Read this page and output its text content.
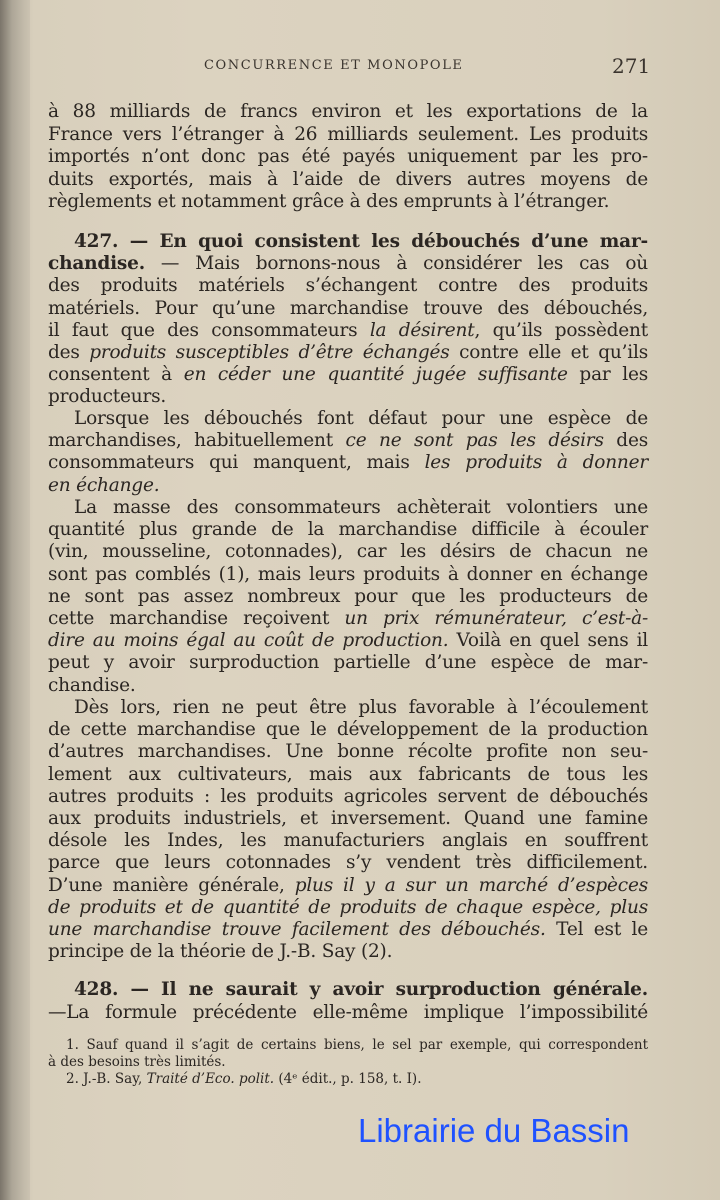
CONCURRENCE ET MONOPOLE	271
à 88 milliards de francs environ et les exportations de la
France vers l’étranger à 26 milliards seulement. Les produits
importés n’ont donc pas été payés uniquement par les pro-
duits exportés, mais à l’aide de divers autres moyens de
règlements et notamment grâce à des emprunts à l’étranger.
427. — En quoi consistent les débouchés d’une mar-
chandise. — Mais bornons-nous à considérer les cas où
des produits matériels s’échangent contre des produits
matériels. Pour qu’une marchandise trouve des débouchés,
il faut que des consommateurs la désirent, qu’ils possèdent
des produits susceptibles d’être échangés contre elle et qu’ils
consentent à en céder une quantité jugée suffisante par les
producteurs.
Lorsque les débouchés font défaut pour une espèce de
marchandises, habituellement ce ne sont pas les désirs des
consommateurs qui manquent, mais les produits à donner
en échange.
La masse des consommateurs achèterait volontiers une
quantité plus grande de la marchandise difficile à écouler
(vin, mousseline, cotonnades), car les désirs de chacun ne
sont pas comblés (1), mais leurs produits à donner en échange
ne sont pas assez nombreux pour que les producteurs de
cette marchandise reçoivent un prix rémunérateur, c’est-à-
dire au moins égal au coût de production. Voilà en quel sens il
peut y avoir surproduction partielle d’une espèce de mar-
chandise.
Dès lors, rien ne peut être plus favorable à l’écoulement
de cette marchandise que le développement de la production
d’autres marchandises. Une bonne récolte profite non seu-
lement aux cultivateurs, mais aux fabricants de tous les
autres produits : les produits agricoles servent de débouchés
aux produits industriels, et inversement. Quand une famine
désole les Indes, les manufacturiers anglais en souffrent
parce que leurs cotonnades s’y vendent très difficilement.
D’une manière générale, plus il y a sur un marché d’espèces
de produits et de quantité de produits de chaque espèce, plus
une marchandise trouve facilement des débouchés. Tel est le
principe de la théorie de J.-B. Say (2).
428. — Il ne saurait y avoir surproduction générale.
—La formule précédente elle-même implique l’impossibilité
1. Sauf quand il s’agit de certains biens, le sel par exemple, qui correspondent
à des besoins très limités.
2. J.-B. Say, Traité d’Eco. polit. (4ᵉ édit., p. 158, t. I).
Librairie du Bassin
